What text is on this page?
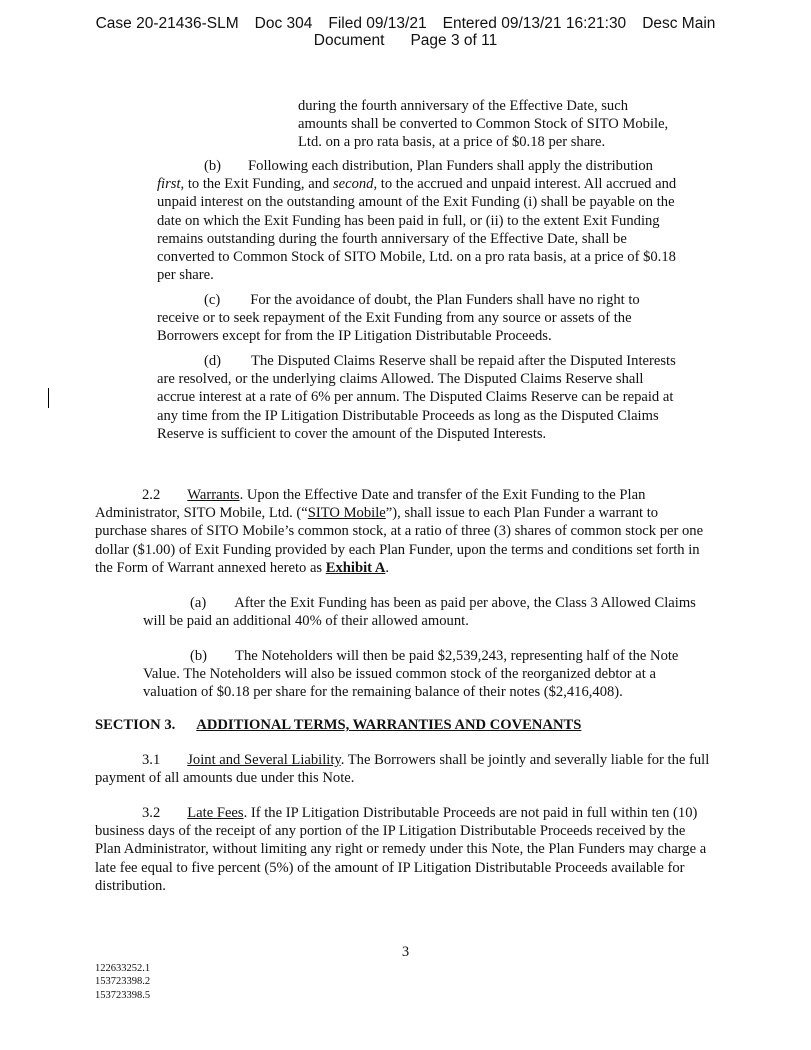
Case 20-21436-SLM Doc 304 Filed 09/13/21 Entered 09/13/21 16:21:30 Desc Main
Document Page 3 of 11
during the fourth anniversary of the Effective Date, such amounts shall be converted to Common Stock of SITO Mobile, Ltd. on a pro rata basis, at a price of $0.18 per share.
(b) Following each distribution, Plan Funders shall apply the distribution first, to the Exit Funding, and second, to the accrued and unpaid interest. All accrued and unpaid interest on the outstanding amount of the Exit Funding (i) shall be payable on the date on which the Exit Funding has been paid in full, or (ii) to the extent Exit Funding remains outstanding during the fourth anniversary of the Effective Date, shall be converted to Common Stock of SITO Mobile, Ltd. on a pro rata basis, at a price of $0.18 per share.
(c) For the avoidance of doubt, the Plan Funders shall have no right to receive or to seek repayment of the Exit Funding from any source or assets of the Borrowers except for from the IP Litigation Distributable Proceeds.
(d) The Disputed Claims Reserve shall be repaid after the Disputed Interests are resolved, or the underlying claims Allowed. The Disputed Claims Reserve shall accrue interest at a rate of 6% per annum. The Disputed Claims Reserve can be repaid at any time from the IP Litigation Distributable Proceeds as long as the Disputed Claims Reserve is sufficient to cover the amount of the Disputed Interests.
2.2 Warrants. Upon the Effective Date and transfer of the Exit Funding to the Plan Administrator, SITO Mobile, Ltd. (“SITO Mobile”), shall issue to each Plan Funder a warrant to purchase shares of SITO Mobile’s common stock, at a ratio of three (3) shares of common stock per one dollar ($1.00) of Exit Funding provided by each Plan Funder, upon the terms and conditions set forth in the Form of Warrant annexed hereto as Exhibit A.
(a) After the Exit Funding has been as paid per above, the Class 3 Allowed Claims will be paid an additional 40% of their allowed amount.
(b) The Noteholders will then be paid $2,539,243, representing half of the Note Value. The Noteholders will also be issued common stock of the reorganized debtor at a valuation of $0.18 per share for the remaining balance of their notes ($2,416,408).
SECTION 3. ADDITIONAL TERMS, WARRANTIES AND COVENANTS
3.1 Joint and Several Liability. The Borrowers shall be jointly and severally liable for the full payment of all amounts due under this Note.
3.2 Late Fees. If the IP Litigation Distributable Proceeds are not paid in full within ten (10) business days of the receipt of any portion of the IP Litigation Distributable Proceeds received by the Plan Administrator, without limiting any right or remedy under this Note, the Plan Funders may charge a late fee equal to five percent (5%) of the amount of IP Litigation Distributable Proceeds available for distribution.
3
122633252.1
153723398.2
153723398.5
